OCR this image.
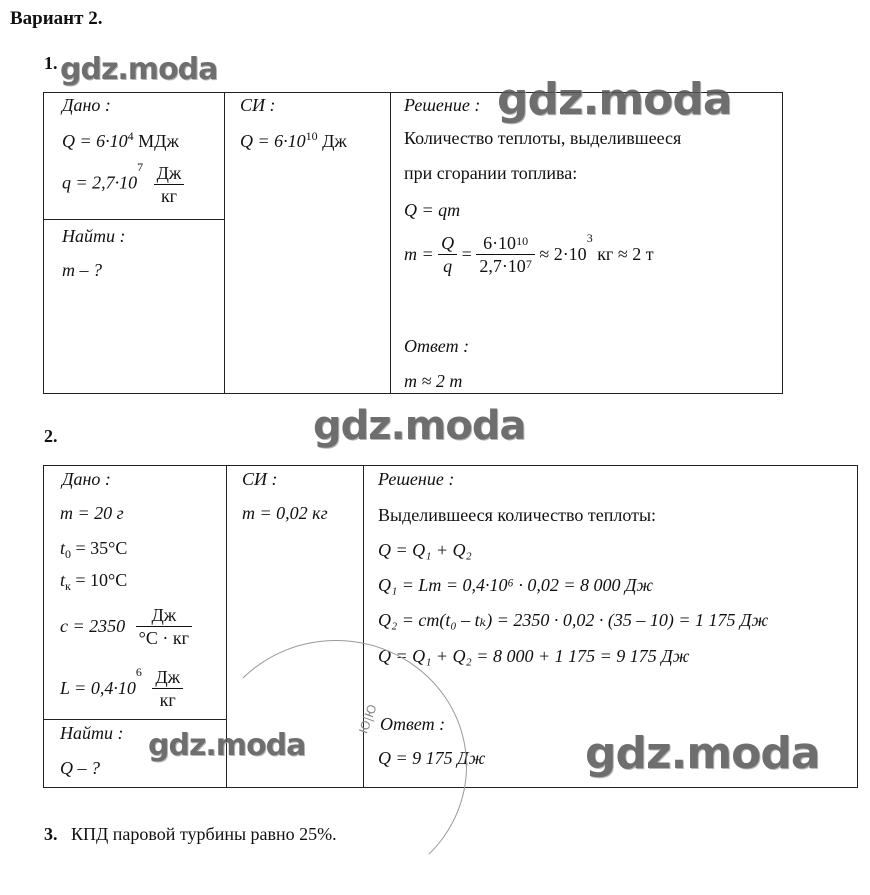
Вариант 2.
1.
Дано :
$Q = 6\cdot 10^4$ МДж
$q = 2,7\cdot 10^7 \frac{Дж}{кг}$
Найти :
m – ?
СИ :
$Q = 6\cdot 10^{10}$ Дж
Решение :
Количество теплоты, выделившееся
при сгорании топлива:
Q = qm
$m = \frac{Q}{q} = \frac{6\cdot 10^{10}}{2,7\cdot 10^7} \approx 2\cdot 10^3$ кг ≈ 2 т
Ответ :
m ≈ 2 т
2.
Дано :
m = 20 г
$t_0 = 35^\circ C$
$t_к = 10^\circ C$
$c = 2350 \frac{Дж}{^\circ C \cdot кг}$
$L = 0,4\cdot 10^6 \frac{Дж}{кг}$
Найти :
Q – ?
СИ :
m = 0,02 кг
Решение :
Выделившееся количество теплоты:
Q = Q₁ + Q₂
Q₁ = Lm = 0,4·10⁶ · 0,02 = 8 000 Дж
Q₂ = cm(t₀ – tₖ) = 2350 · 0,02 · (35 – 10) = 1 175 Дж
Q = Q₁ + Q₂ = 8 000 + 1 175 = 9 175 Дж
Ответ :
Q = 9 175 Дж
Ю|Ю
3. КПД паровой турбины равно 25%.
gdz.moda
gdz.moda
gdz.moda
gdz.moda	gdz.moda
